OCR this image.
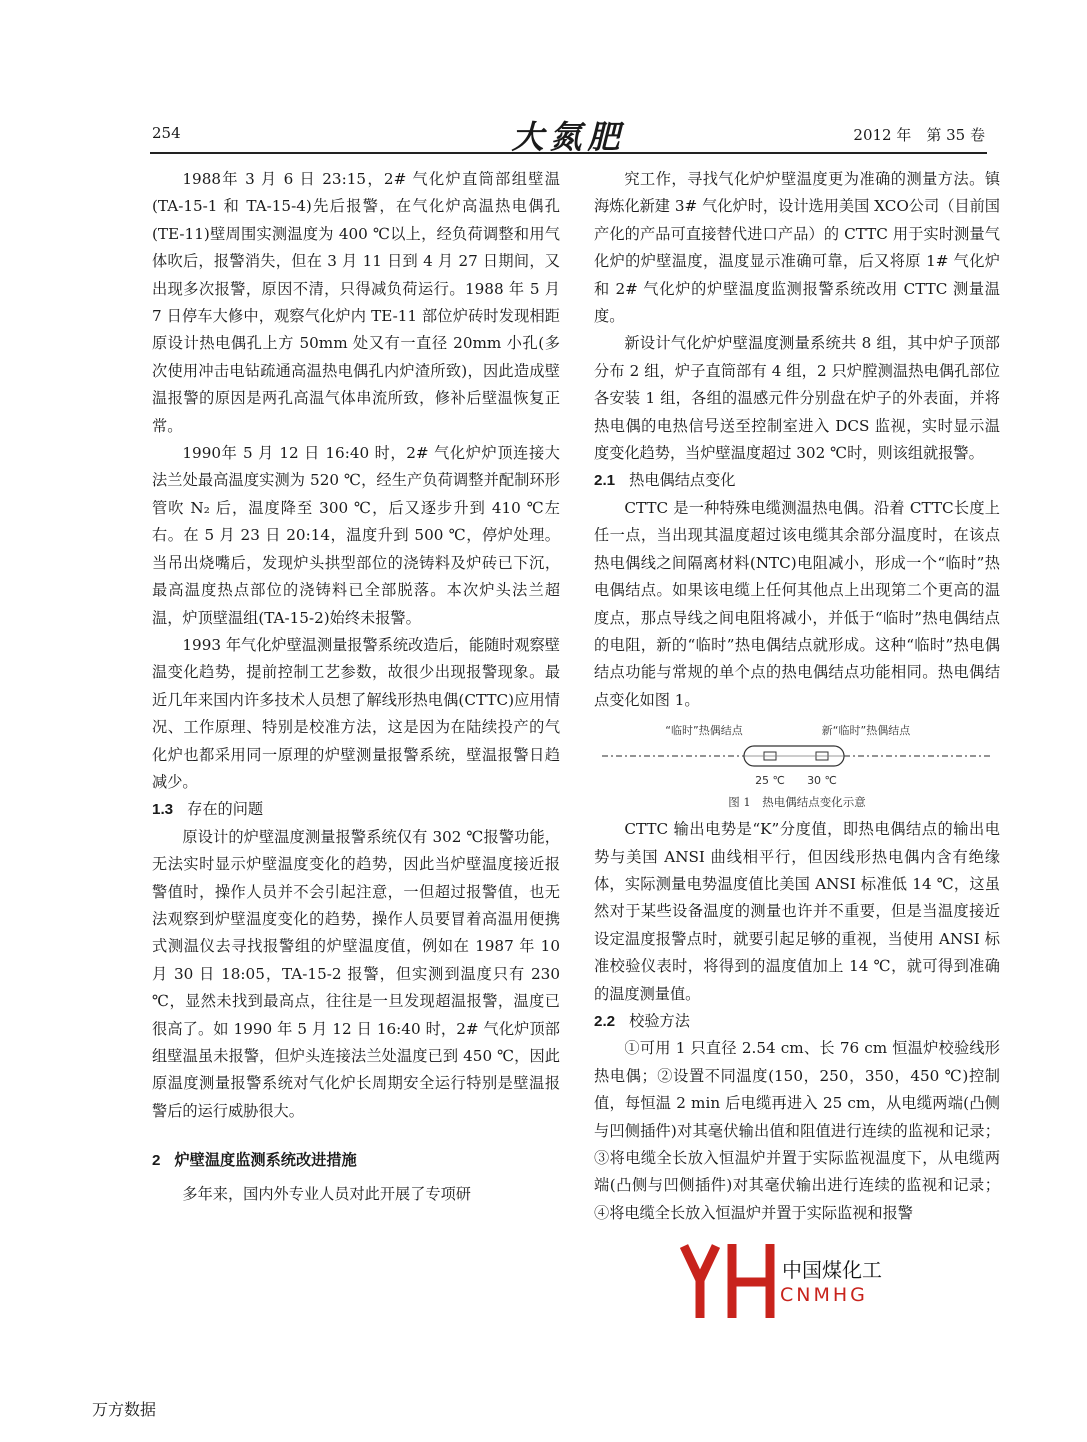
254	大氮肥	2012 年　第 35 卷

1988年 3 月 6 日 23:15，2# 气化炉直筒部组壁温(TA-15-1 和 TA-15-4)先后报警，在气化炉高温热电偶孔(TE-11)壁周围实测温度为 400 ℃以上，经负荷调整和用气体吹后，报警消失，但在 3 月 11 日到 4 月 27 日期间，又出现多次报警，原因不清，只得减负荷运行。1988 年 5 月 7 日停车大修中，观察气化炉内 TE-11 部位炉砖时发现相距原设计热电偶孔上方 50mm 处又有一直径 20mm 小孔(多次使用冲击电钻疏通高温热电偶孔内炉渣所致)，因此造成壁温报警的原因是两孔高温气体串流所致，修补后壁温恢复正常。

1990年 5 月 12 日 16:40 时，2# 气化炉炉顶连接大法兰处最高温度实测为 520 ℃，经生产负荷调整并配制环形管吹 N₂ 后，温度降至 300 ℃，后又逐步升到 410 ℃左右。在 5 月 23 日 20:14，温度升到 500 ℃，停炉处理。当吊出烧嘴后，发现炉头拱型部位的浇铸料及炉砖已下沉，最高温度热点部位的浇铸料已全部脱落。本次炉头法兰超温，炉顶壁温组(TA-15-2)始终未报警。

1993 年气化炉壁温测量报警系统改造后，能随时观察壁温变化趋势，提前控制工艺参数，故很少出现报警现象。最近几年来国内许多技术人员想了解线形热电偶(CTTC)应用情况、工作原理、特别是校准方法，这是因为在陆续投产的气化炉也都采用同一原理的炉壁测量报警系统，壁温报警日趋减少。

1.3 存在的问题

原设计的炉壁温度测量报警系统仅有 302 ℃报警功能，无法实时显示炉壁温度变化的趋势，因此当炉壁温度接近报警值时，操作人员并不会引起注意，一但超过报警值，也无法观察到炉壁温度变化的趋势，操作人员要冒着高温用便携式测温仪去寻找报警组的炉壁温度值，例如在 1987 年 10 月 30 日 18:05，TA-15-2 报警，但实测到温度只有 230 ℃，显然未找到最高点，往往是一旦发现超温报警，温度已很高了。如 1990 年 5 月 12 日 16:40 时，2# 气化炉顶部组壁温虽未报警，但炉头连接法兰处温度已到 450 ℃，因此原温度测量报警系统对气化炉长周期安全运行特别是壁温报警后的运行威胁很大。

2 炉壁温度监测系统改进措施

多年来，国内外专业人员对此开展了专项研

究工作，寻找气化炉炉壁温度更为准确的测量方法。镇海炼化新建 3# 气化炉时，设计选用美国 XCO公司（目前国产化的产品可直接替代进口产品）的 CTTC 用于实时测量气化炉的炉壁温度，温度显示准确可靠，后又将原 1# 气化炉和 2# 气化炉的炉壁温度监测报警系统改用 CTTC 测量温度。

新设计气化炉炉壁温度测量系统共 8 组，其中炉子顶部分布 2 组，炉子直筒部有 4 组，2 只炉膛测温热电偶孔部位各安装 1 组，各组的温感元件分别盘在炉子的外表面，并将热电偶的电热信号送至控制室进入 DCS 监视，实时显示温度变化趋势，当炉壁温度超过 302 ℃时，则该组就报警。

2.1 热电偶结点变化

CTTC 是一种特殊电缆测温热电偶。沿着 CTTC长度上任一点，当出现其温度超过该电缆其余部分温度时，在该点热电偶线之间隔离材料(NTC)电阻减小，形成一个“临时”热电偶结点。如果该电缆上任何其他点上出现第二个更高的温度点，那点导线之间电阻将减小，并低于“临时”热电偶结点的电阻，新的“临时”热电偶结点就形成。这种“临时”热电偶结点功能与常规的单个点的热电偶结点功能相同。热电偶结点变化如图 1。

“临时”热偶结点	新“临时”热偶结点
25 ℃ 30 ℃
图 1　热电偶结点变化示意

CTTC 输出电势是“K”分度值，即热电偶结点的输出电势与美国 ANSI 曲线相平行，但因线形热电偶内含有绝缘体，实际测量电势温度值比美国 ANSI 标准低 14 ℃，这虽然对于某些设备温度的测量也许并不重要，但是当温度接近设定温度报警点时，就要引起足够的重视，当使用 ANSI 标准校验仪表时，将得到的温度值加上 14 ℃，就可得到准确的温度测量值。

2.2 校验方法

①可用 1 只直径 2.54 cm、长 76 cm 恒温炉校验线形热电偶；②设置不同温度(150，250，350，450 ℃)控制值，每恒温 2 min 后电缆再进入 25 cm，从电缆两端(凸侧与凹侧插件)对其毫伏输出值和阻值进行连续的监视和记录；③将电缆全长放入恒温炉并置于实际监视温度下，从电缆两端(凸侧与凹侧插件)对其毫伏输出进行连续的监视和记录；④将电缆全长放入恒温炉并置于实际监视和报警

中国煤化工
CNMHG
万方数据
